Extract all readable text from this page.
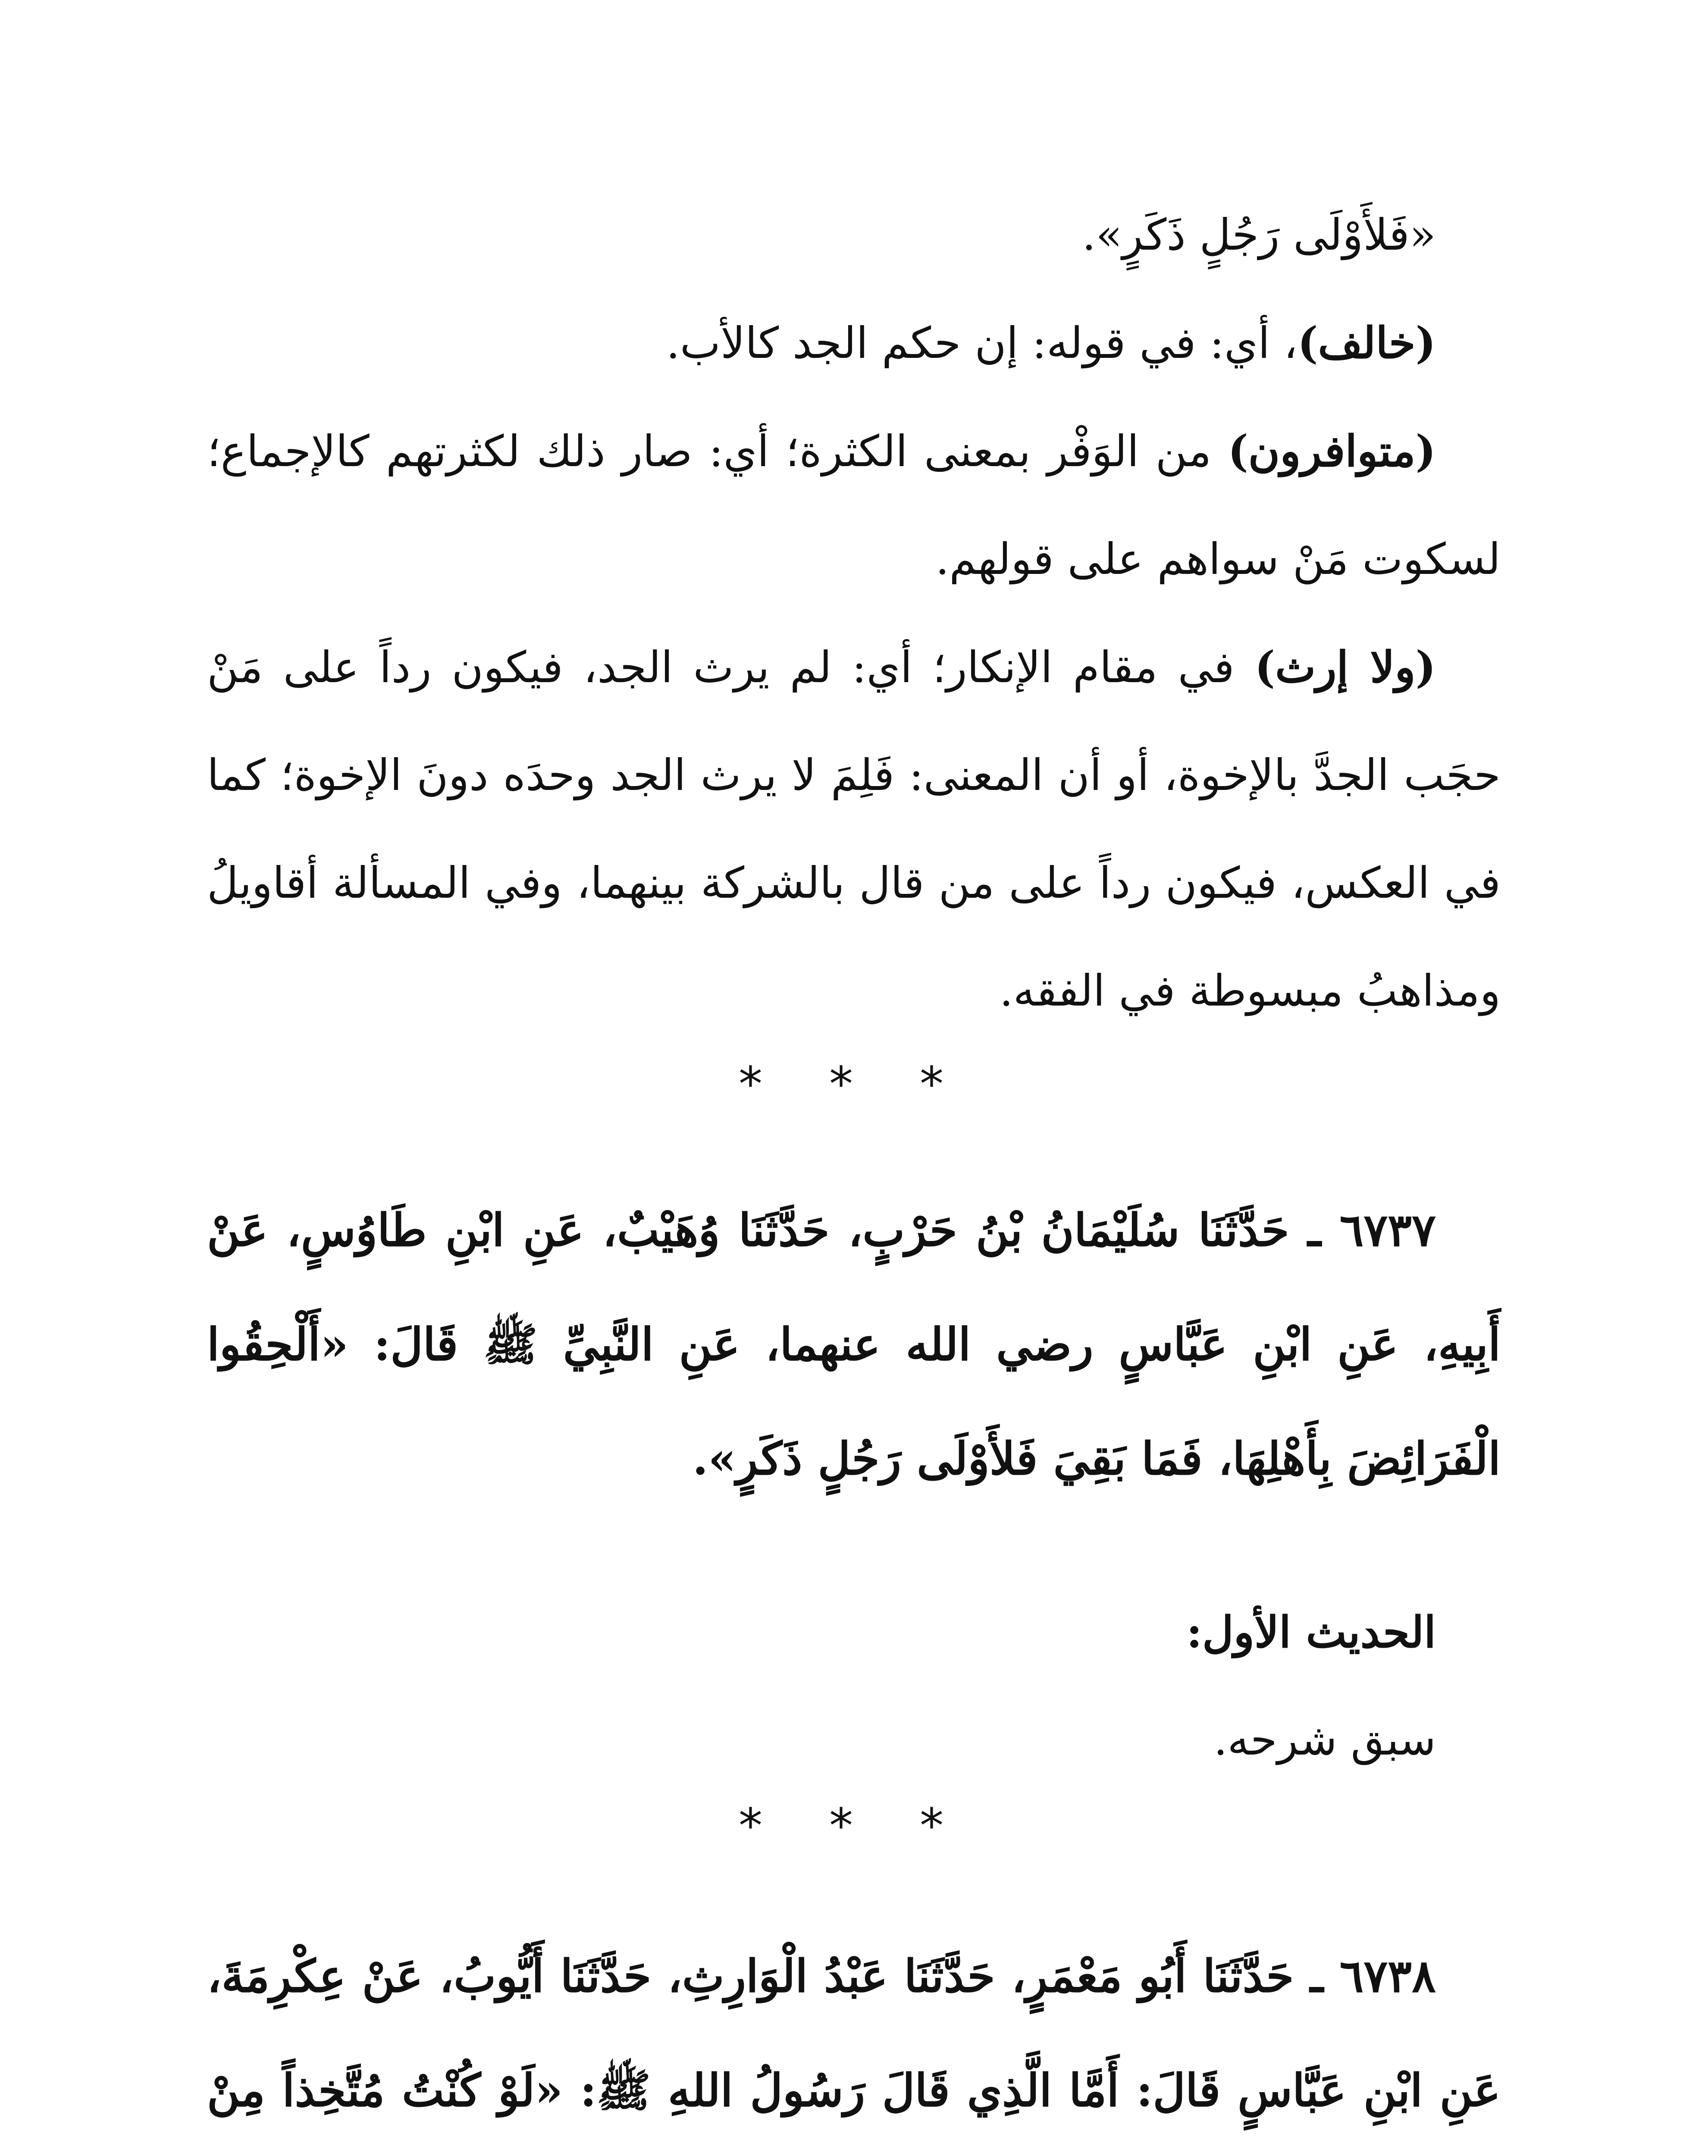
«فَلأَوْلَى رَجُلٍ ذَكَرٍ».

(خالف)، أي: في قوله: إن حكم الجد كالأب.

(متوافرون) من الوَفْر بمعنى الكثرة؛ أي: صار ذلك لكثرتهم كالإجماع؛ لسكوت مَنْ سواهم على قولهم.

(ولا إرث) في مقام الإنكار؛ أي: لم يرث الجد، فيكون رداً على مَنْ حجَب الجدَّ بالإخوة، أو أن المعنى: فَلِمَ لا يرث الجد وحدَه دونَ الإخوة؛ كما في العكس، فيكون رداً على من قال بالشركة بينهما، وفي المسألة أقاويلُ ومذاهبُ مبسوطة في الفقه.

* * *

٦٧٣٧ ـ حَدَّثَنَا سُلَيْمَانُ بْنُ حَرْبٍ، حَدَّثَنَا وُهَيْبٌ، عَنِ ابْنِ طَاوُسٍ، عَنْ أَبِيهِ، عَنِ ابْنِ عَبَّاسٍ رضي الله عنهما، عَنِ النَّبِيِّ ﷺ قَالَ: «أَلْحِقُوا الْفَرَائِضَ بِأَهْلِهَا، فَمَا بَقِيَ فَلأَوْلَى رَجُلٍ ذَكَرٍ».

الحديث الأول:

سبق شرحه.

* * *

٦٧٣٨ ـ حَدَّثَنَا أَبُو مَعْمَرٍ، حَدَّثَنَا عَبْدُ الْوَارِثِ، حَدَّثَنَا أَيُّوبُ، عَنْ عِكْرِمَةَ، عَنِ ابْنِ عَبَّاسٍ قَالَ: أَمَّا الَّذِي قَالَ رَسُولُ اللهِ ﷺ: «لَوْ كُنْتُ مُتَّخِذاً مِنْ
